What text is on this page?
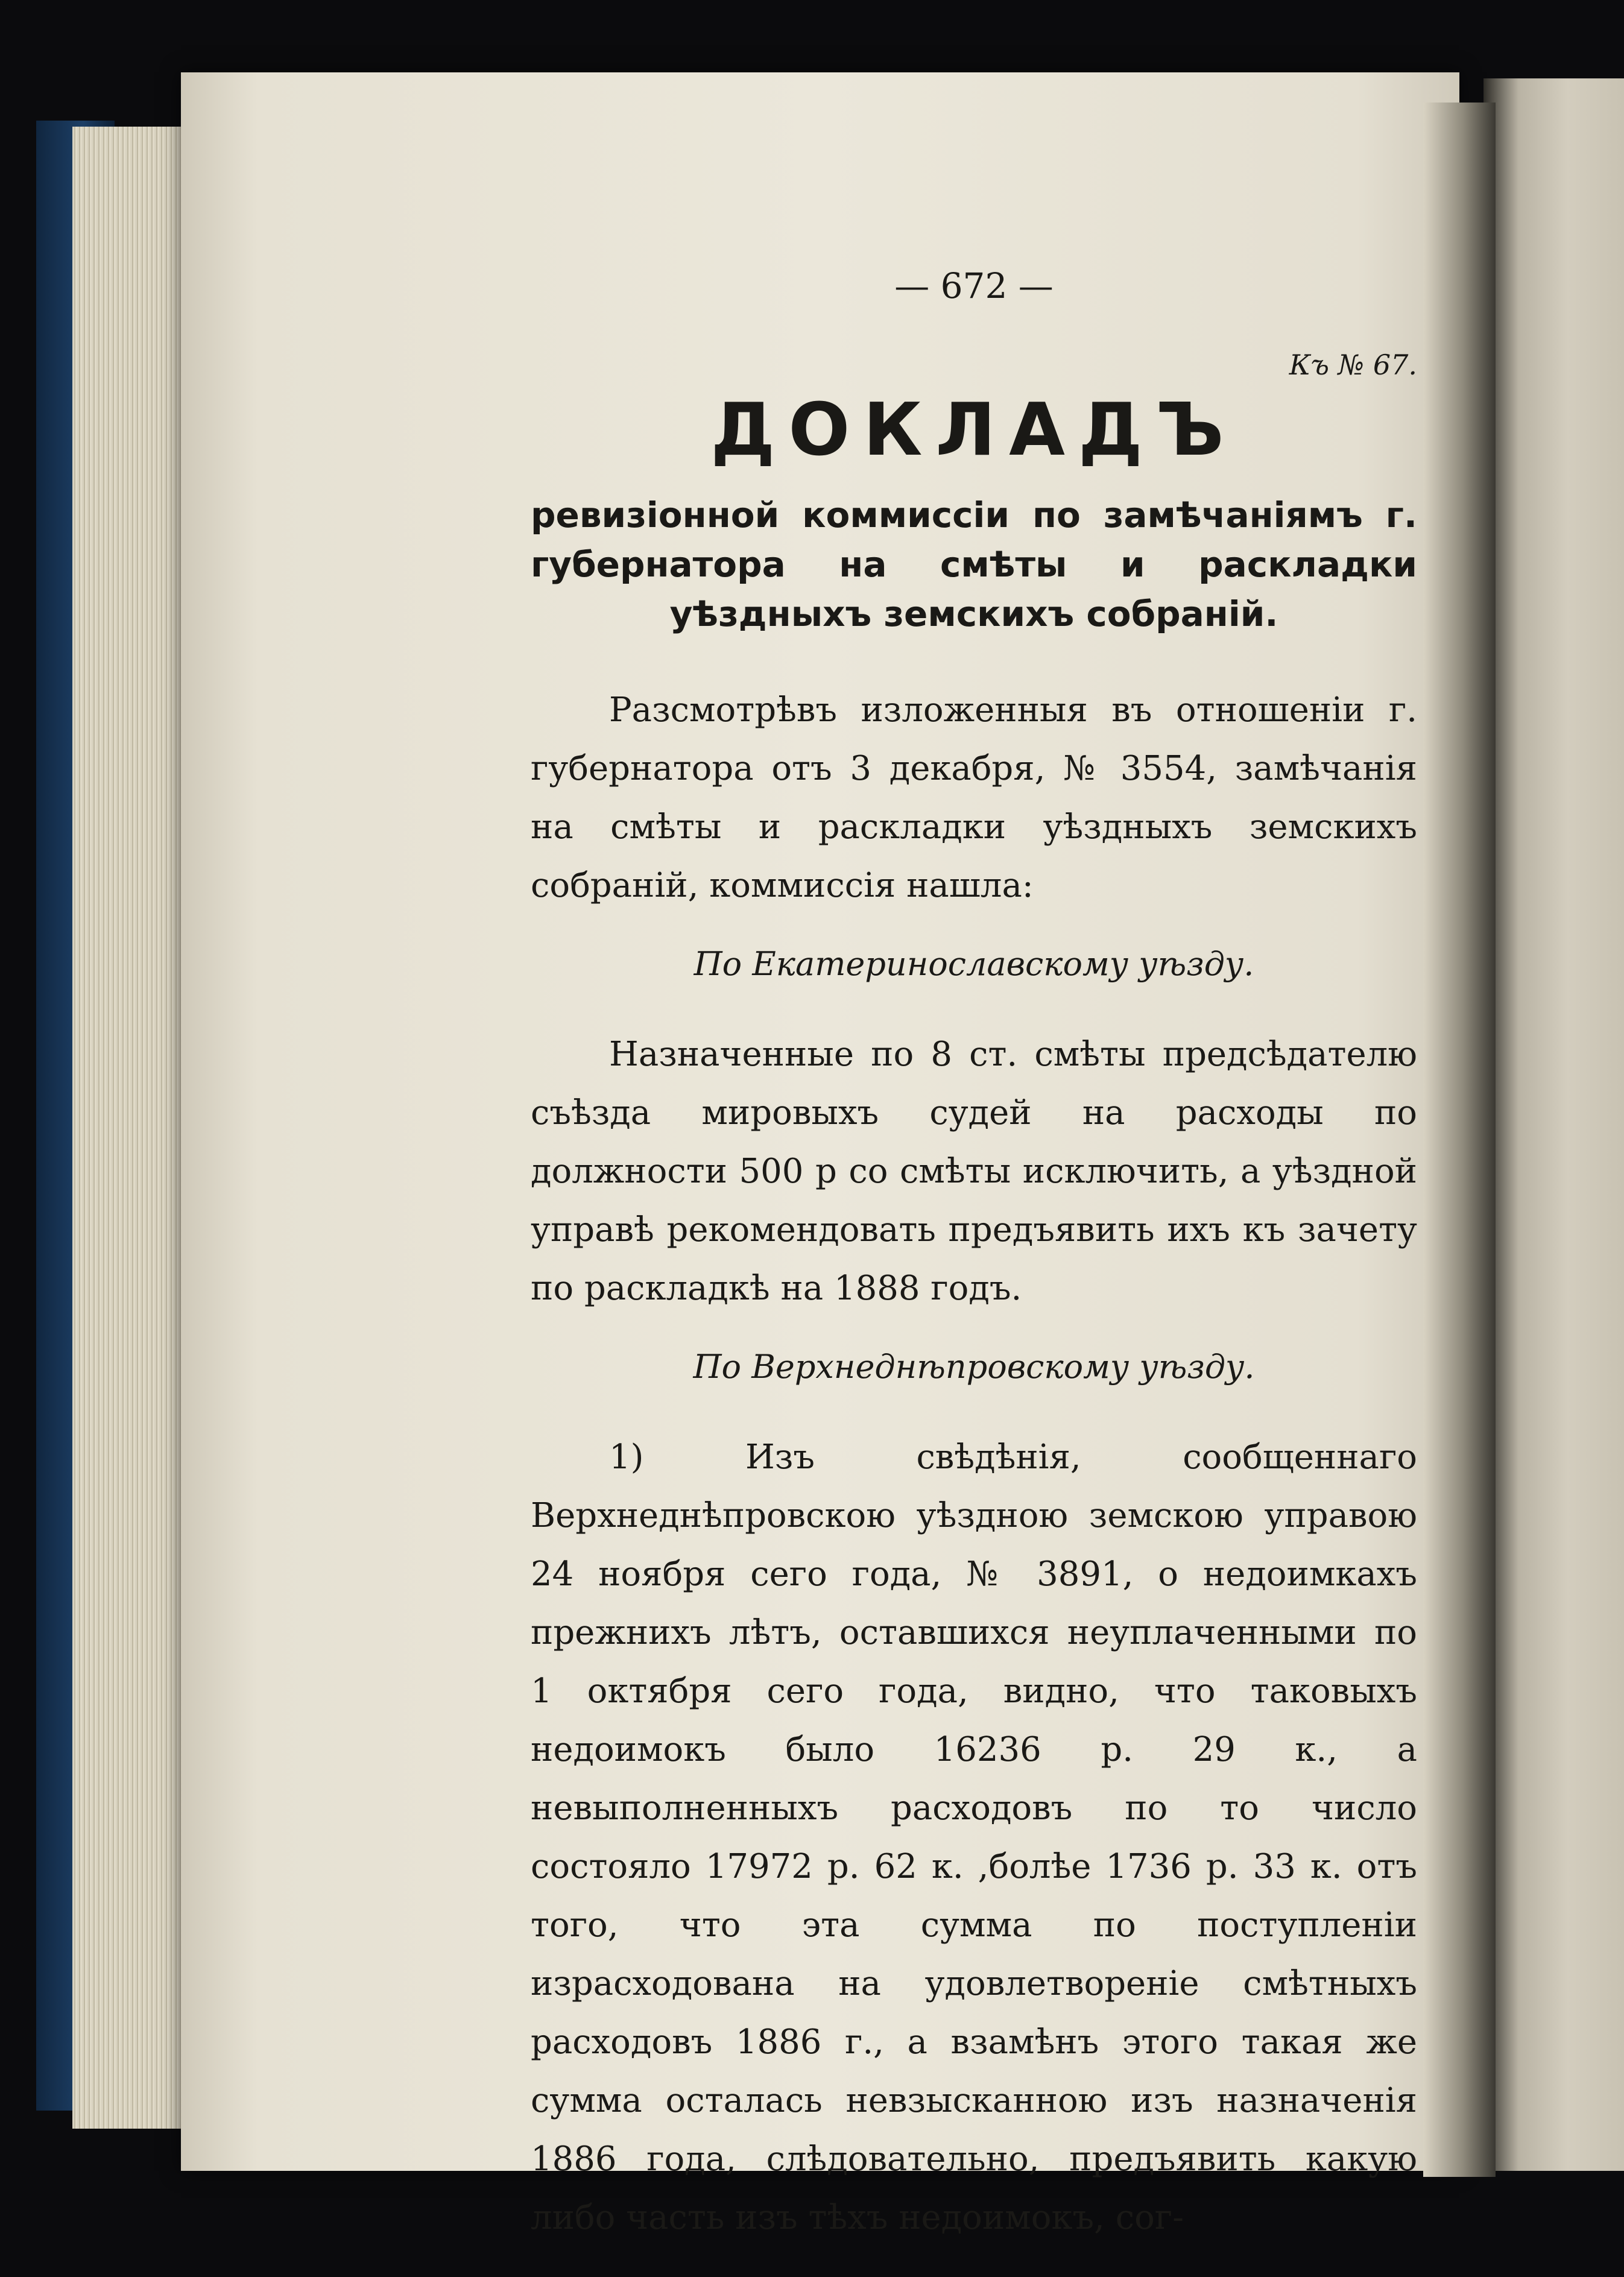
— 672 —
Къ № 67.
ДОКЛАДЪ
ревизіонной коммиссіи по замѣчаніямъ г. губернатора на смѣты и раскладки уѣздныхъ земскихъ собраній.

Разсмотрѣвъ изложенныя въ отношеніи г. губернатора отъ 3 декабря, № 3554, замѣчанія на смѣты и раскладки уѣздныхъ земскихъ собраній, коммиссія нашла:

По Екатеринославскому уѣзду.

Назначенные по 8 ст. смѣты предсѣдателю съѣзда мировыхъ судей на расходы по должности 500 р со смѣты исключить, а уѣздной управѣ рекомендовать предъявить ихъ къ зачету по раскладкѣ на 1888 годъ.

По Верхнеднѣпровскому уѣзду.

1) Изъ свѣдѣнія, сообщеннаго Верхнеднѣпровскою уѣздною земскою управою 24 ноября сего года, № 3891, о недоимкахъ прежнихъ лѣтъ, оставшихся неуплаченными по 1 октября сего года, видно, что таковыхъ недоимокъ было 16236 р. 29 к., а невыполненныхъ расходовъ по то число состояло 17972 р. 62 к. ,болѣе 1736 р. 33 к. отъ того, что эта сумма по поступленіи израсходована на удовлетвореніе смѣтныхъ расходовъ 1886 г., а взамѣнъ этого такая же сумма осталась невзысканною изъ назначенія 1886 года, слѣдовательно, предъявить какую либо часть изъ тѣхъ недоимокъ, сог-
